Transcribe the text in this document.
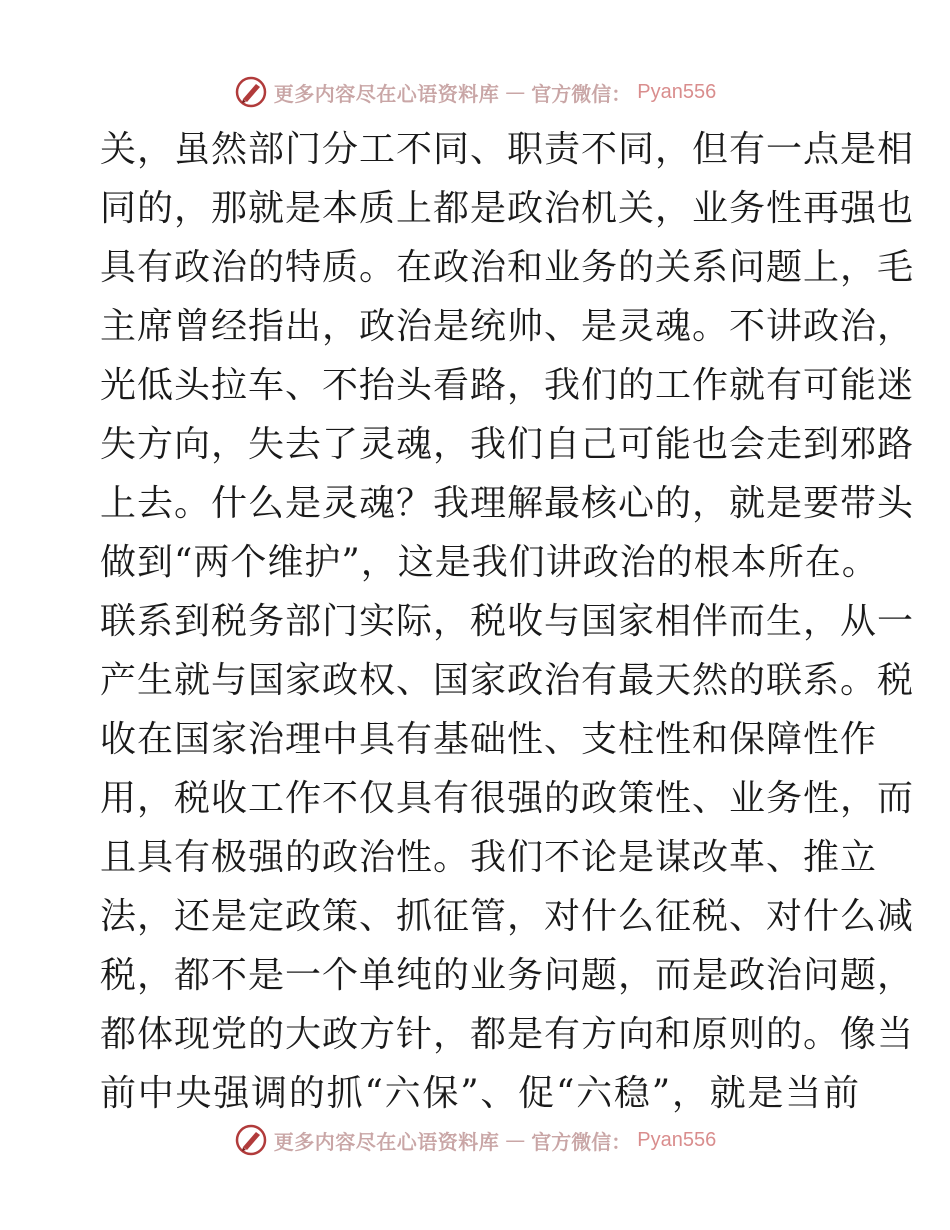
更多内容尽在心语资料库 — 官方微信： Pyan556
关，虽然部门分工不同、职责不同，但有一点是相
同的，那就是本质上都是政治机关，业务性再强也
具有政治的特质。在政治和业务的关系问题上，毛
主席曾经指出，政治是统帅、是灵魂。不讲政治，
光低头拉车、不抬头看路，我们的工作就有可能迷
失方向，失去了灵魂，我们自己可能也会走到邪路
上去。什么是灵魂？我理解最核心的，就是要带头
做到“两个维护”，这是我们讲政治的根本所在。
联系到税务部门实际，税收与国家相伴而生，从一
产生就与国家政权、国家政治有最天然的联系。税
收在国家治理中具有基础性、支柱性和保障性作
用，税收工作不仅具有很强的政策性、业务性，而
且具有极强的政治性。我们不论是谋改革、推立
法，还是定政策、抓征管，对什么征税、对什么减
税，都不是一个单纯的业务问题，而是政治问题，
都体现党的大政方针，都是有方向和原则的。像当
前中央强调的抓“六保”、促“六稳”，就是当前
更多内容尽在心语资料库 — 官方微信： Pyan556
